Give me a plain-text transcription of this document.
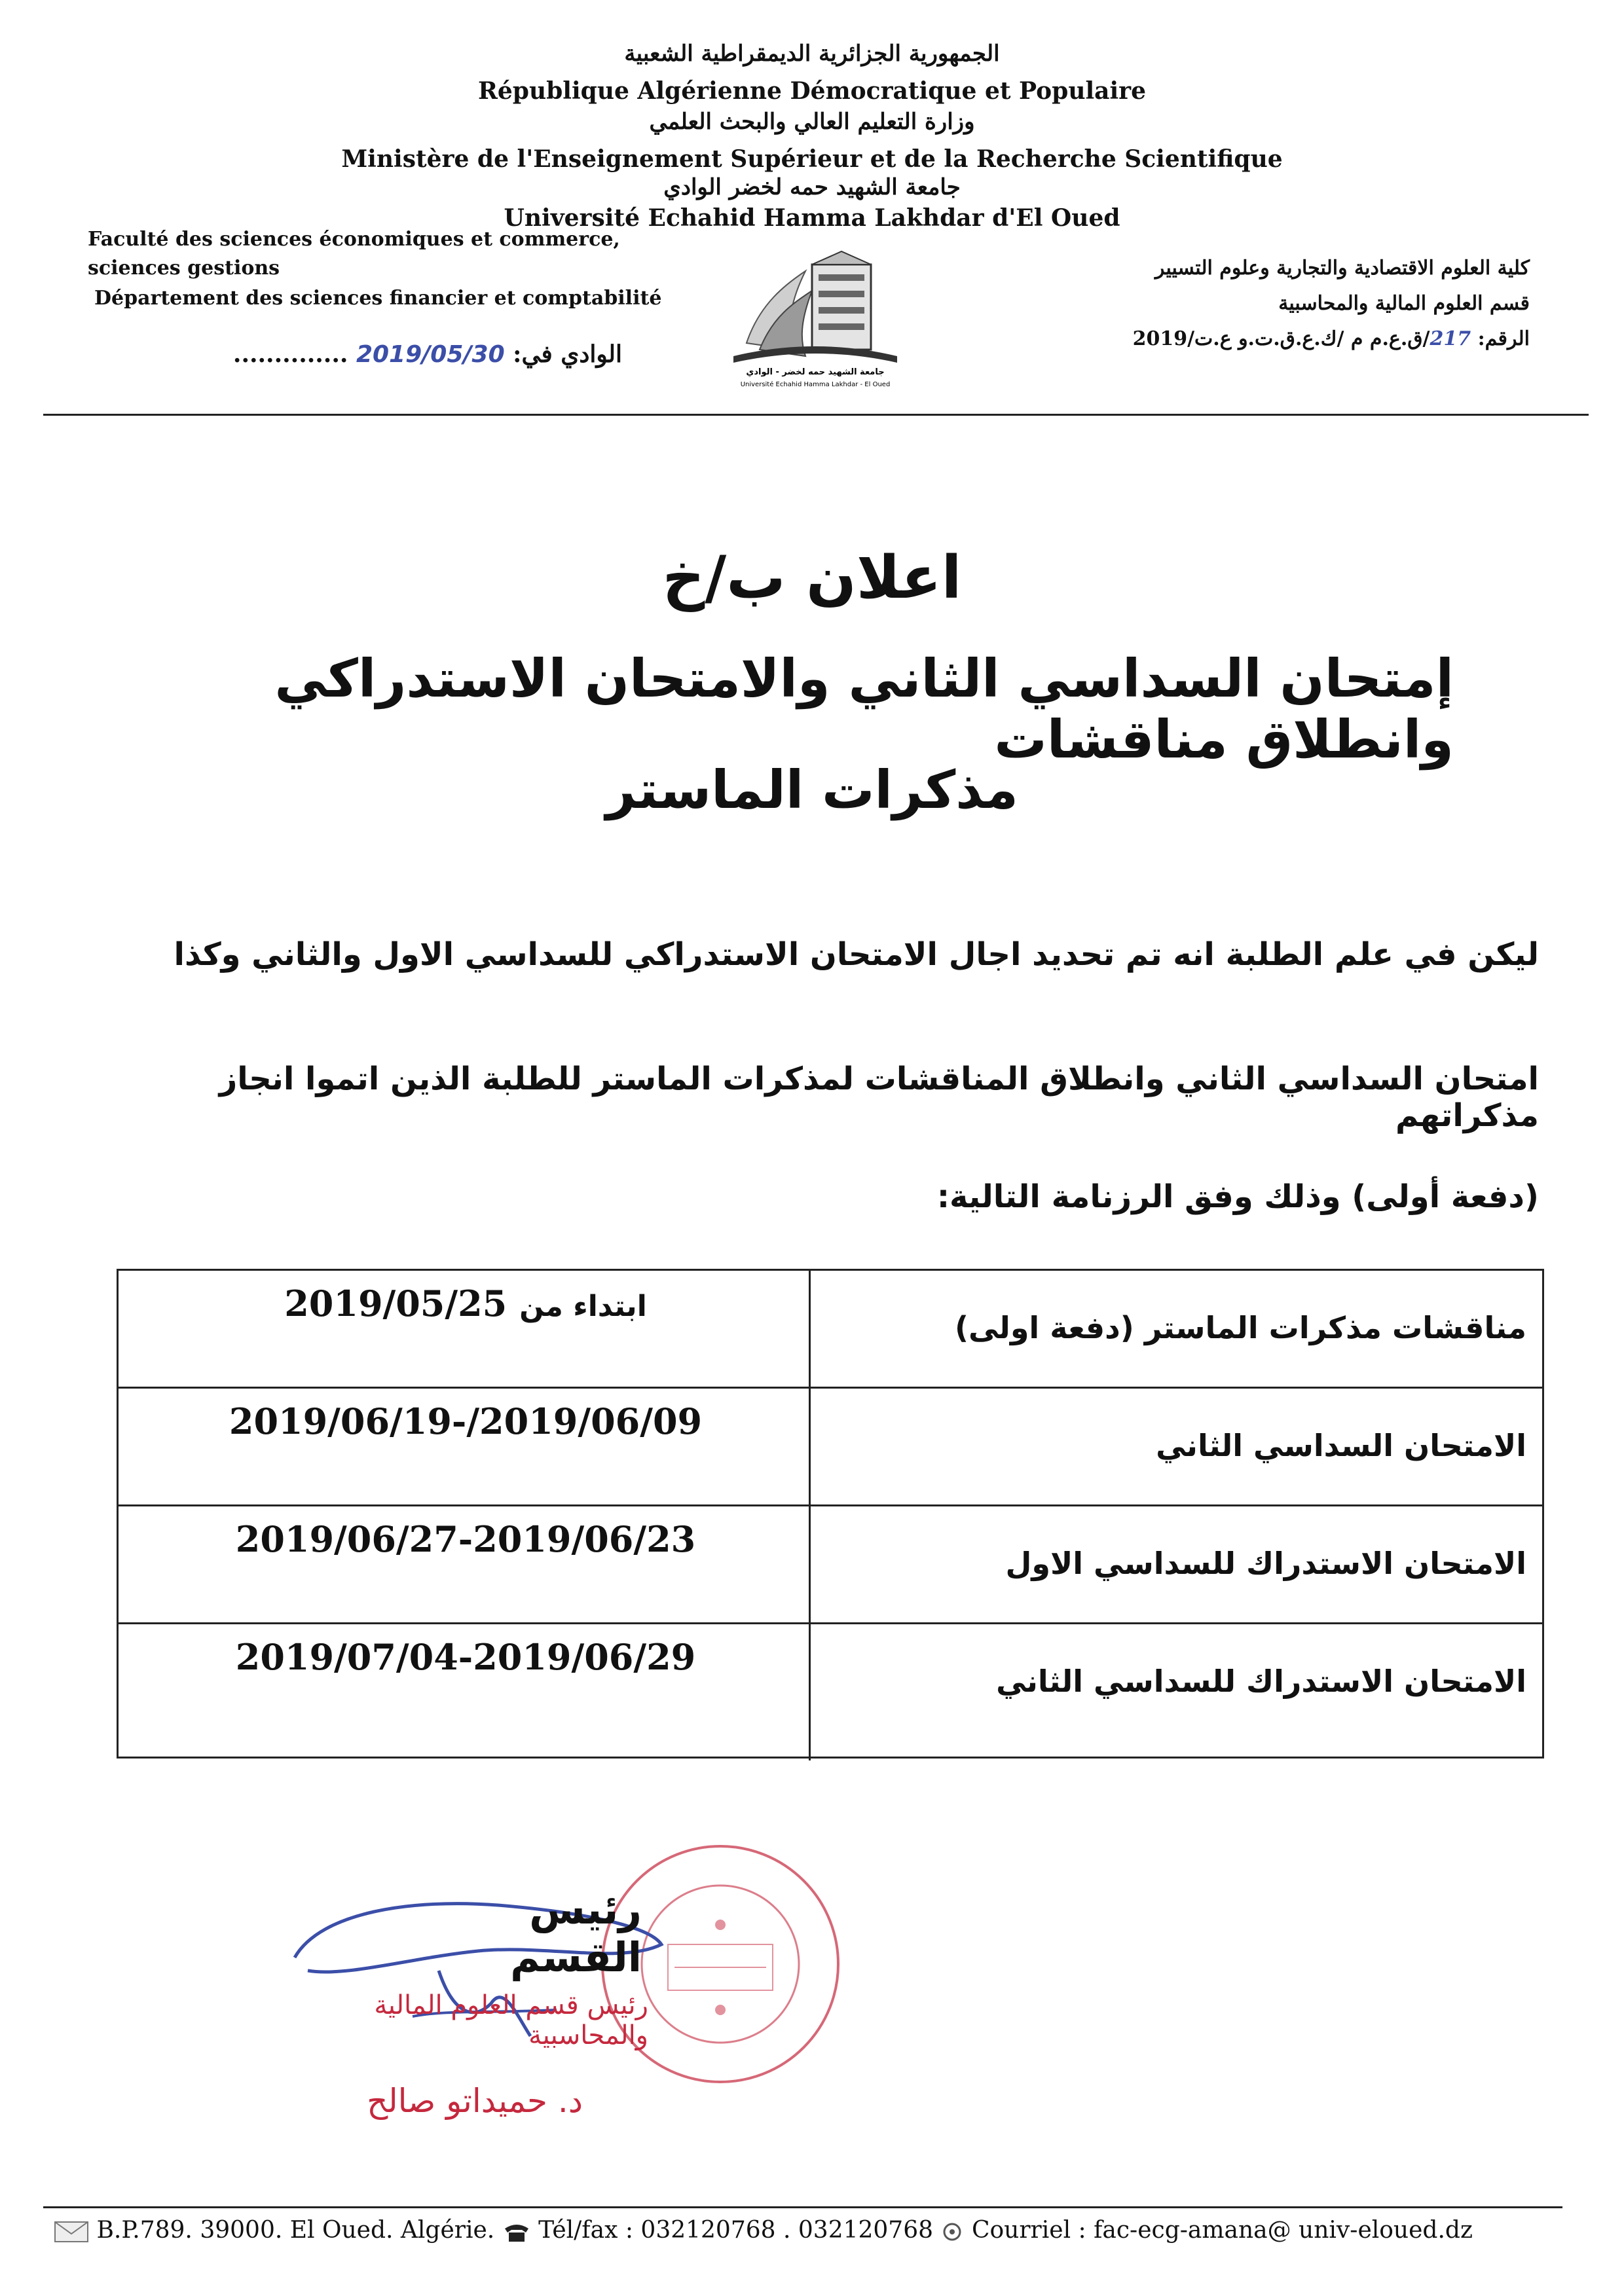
الجمهورية الجزائرية الديمقراطية الشعبية
République Algérienne Démocratique et Populaire
وزارة التعليم العالي والبحث العلمي
Ministère de l'Enseignement Supérieur et de la Recherche Scientifique
جامعة الشهيد حمه لخضر الوادي
Université Echahid Hamma Lakhdar d'El Oued
Faculté des sciences économiques et commerce, sciences gestions
Département des sciences financier et comptabilité
الوادي في: 2019/05/30 ..............
كلية العلوم الاقتصادية والتجارية وعلوم التسيير
قسم العلوم المالية والمحاسبية
الرقم: 217/ق.ع.م م /ك.ع.ق.ت.و ع.ت/2019
جامعة الشهيد حمه لخضر - الوادي
Université Echahid Hamma Lakhdar - El Oued
اعلان ب/خ
إمتحان السداسي الثاني والامتحان الاستدراكي وانطلاق مناقشات
مذكرات الماستر
ليكن في علم الطلبة انه تم تحديد اجال الامتحان الاستدراكي للسداسي الاول والثاني وكذا
امتحان السداسي الثاني وانطلاق المناقشات لمذكرات الماستر للطلبة الذين اتموا انجاز مذكراتهم
(دفعة أولى) وذلك وفق الرزنامة التالية:
مناقشات مذكرات الماستر (دفعة اولى)
ابتداء من 2019/05/25
الامتحان السداسي الثاني
2019/06/19-/2019/06/09
الامتحان الاستدراك للسداسي الاول
2019/06/27-2019/06/23
الامتحان الاستدراك للسداسي الثاني
2019/07/04-2019/06/29
رئيس القسم
رئيس قسم العلوم المالية والمحاسبية
د. حميداتو صالح
B.P.789. 39000. El Oued. Algérie. Tél/fax : 032120768 . 032120768 Courriel : fac-ecg-amana@ univ-eloued.dz
